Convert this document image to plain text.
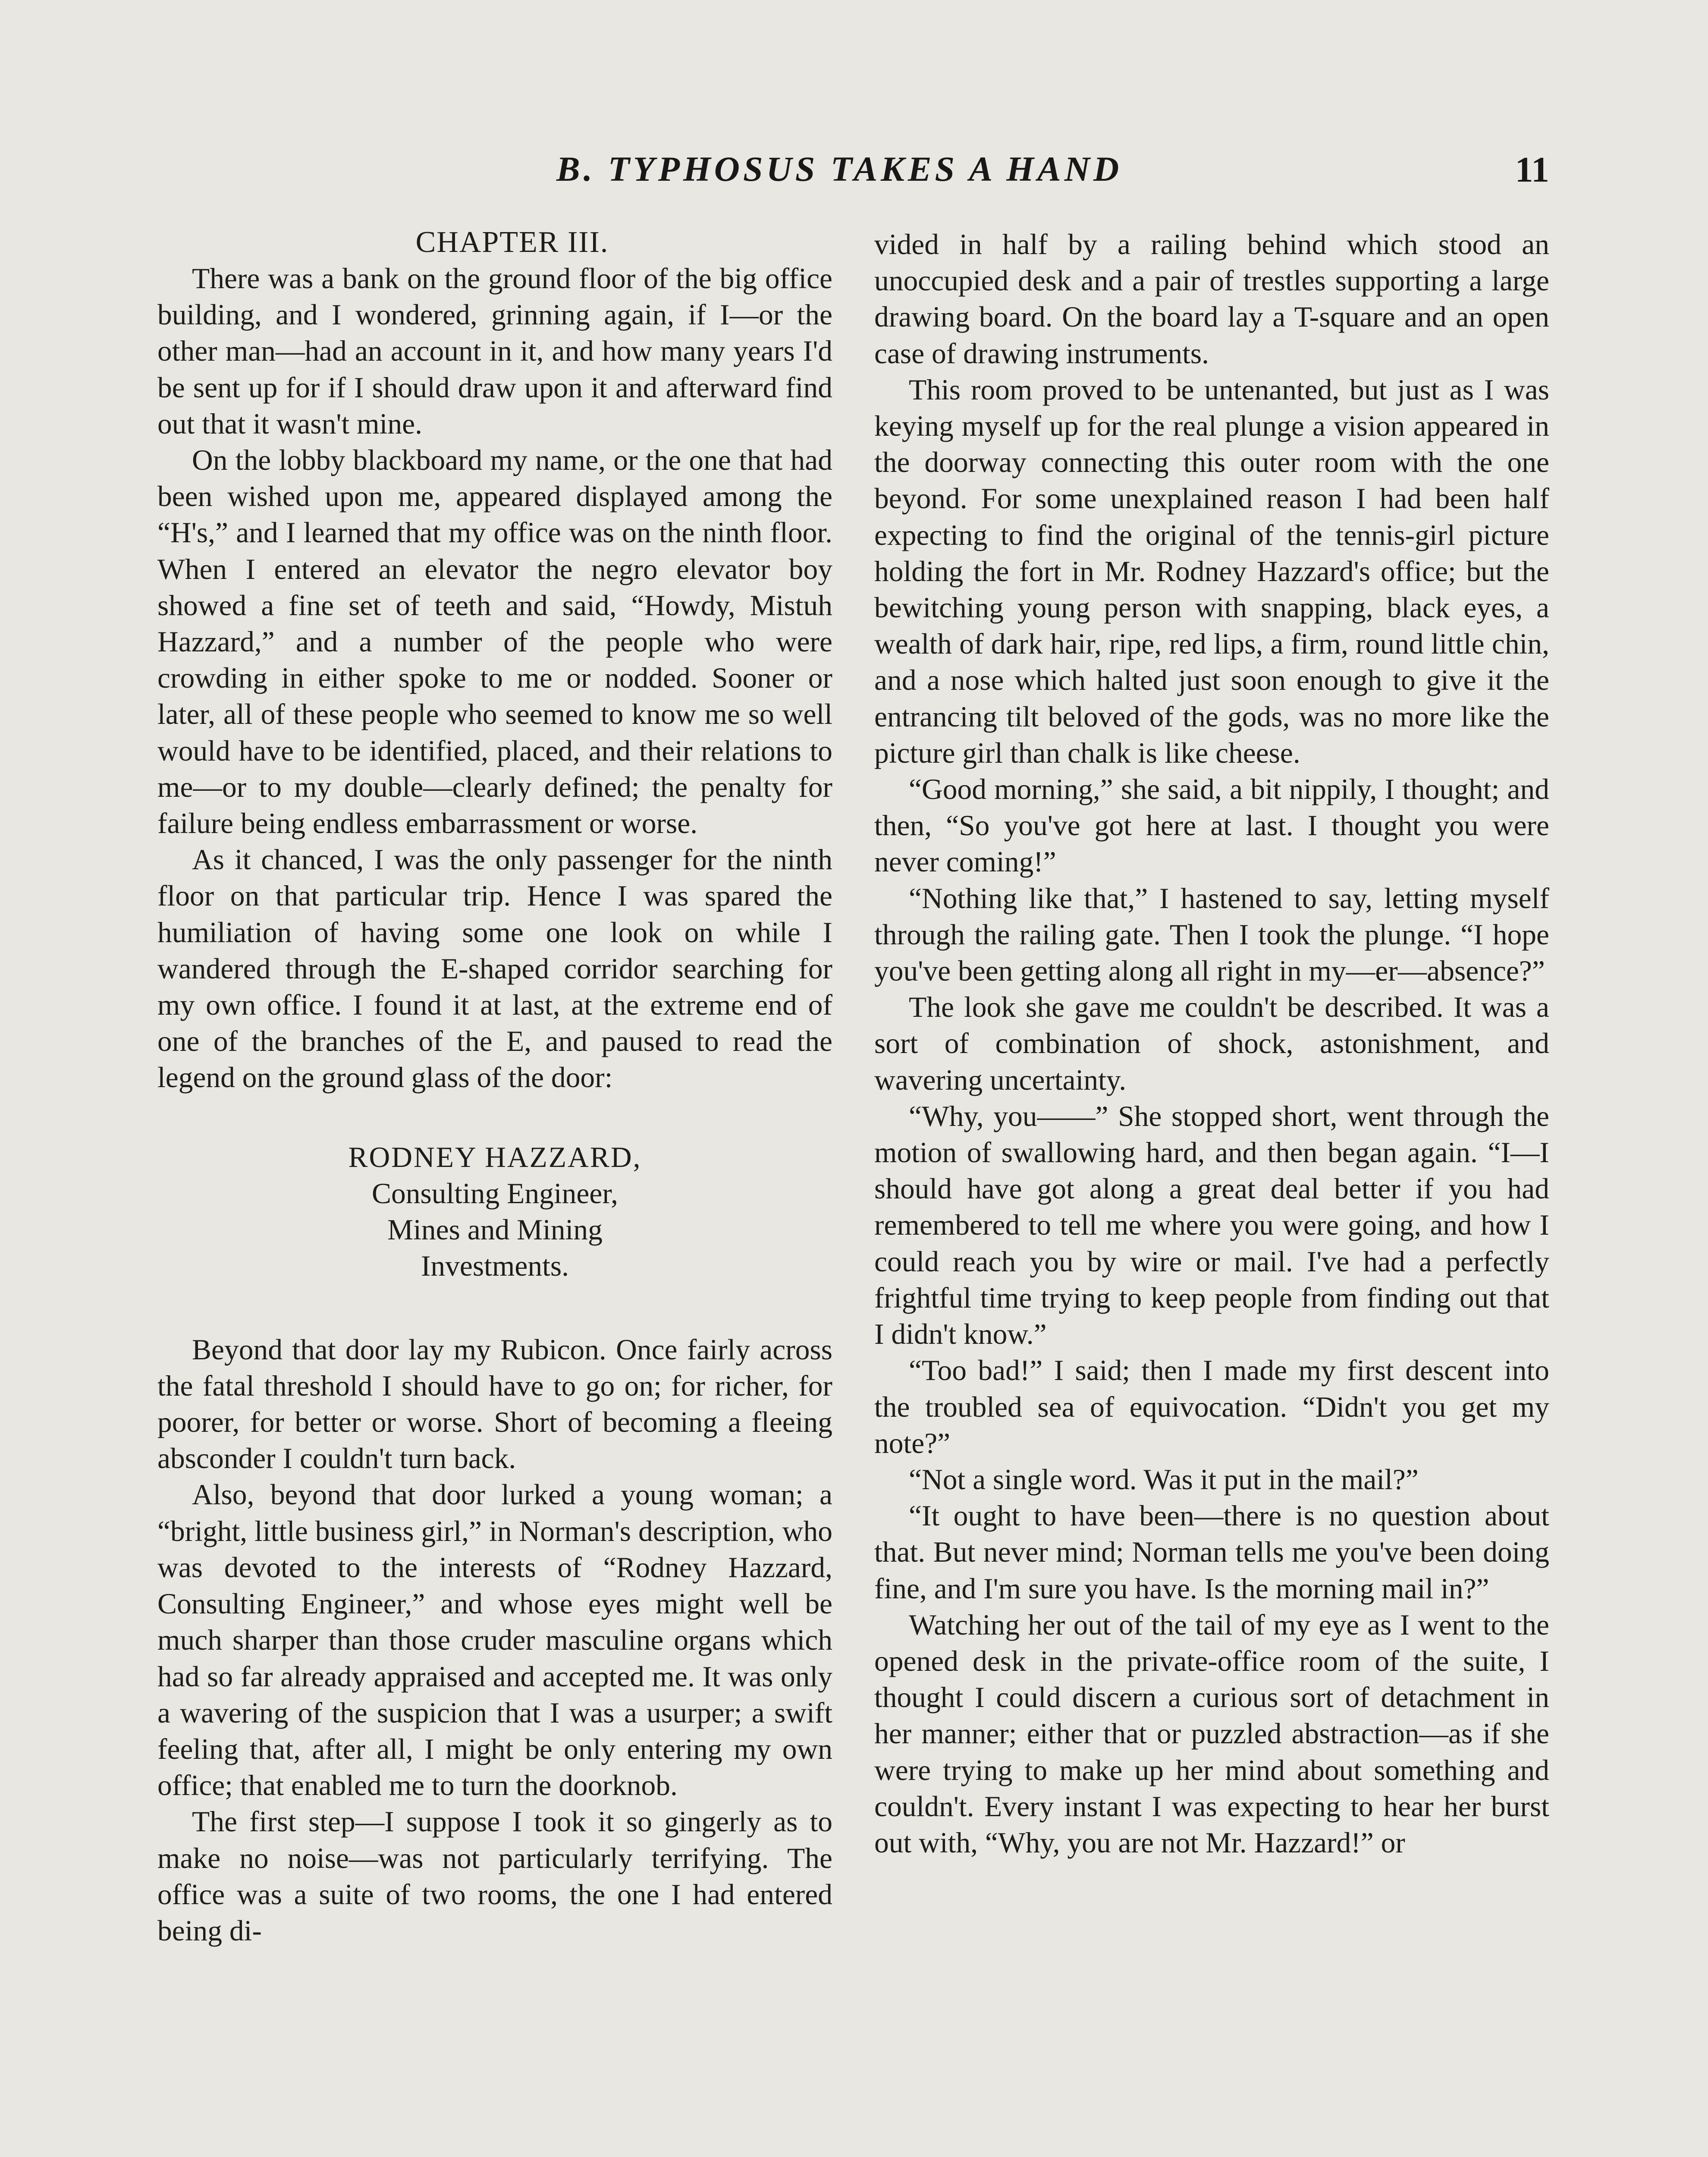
B. TYPHOSUS TAKES A HAND	11

CHAPTER III.

There was a bank on the ground floor of the big office building, and I wondered, grinning again, if I—or the other man—had an account in it, and how many years I'd be sent up for if I should draw upon it and afterward find out that it wasn't mine.

On the lobby blackboard my name, or the one that had been wished upon me, appeared displayed among the “H's,” and I learned that my office was on the ninth floor. When I entered an elevator the negro elevator boy showed a fine set of teeth and said, “Howdy, Mistuh Hazzard,” and a number of the people who were crowding in either spoke to me or nodded. Sooner or later, all of these people who seemed to know me so well would have to be identified, placed, and their relations to me—or to my double—clearly defined; the penalty for failure being endless embarrassment or worse.

As it chanced, I was the only passenger for the ninth floor on that particular trip. Hence I was spared the humiliation of having some one look on while I wandered through the E-shaped corridor searching for my own office. I found it at last, at the extreme end of one of the branches of the E, and paused to read the legend on the ground glass of the door:

RODNEY HAZZARD,
Consulting Engineer,
Mines and Mining
Investments.

Beyond that door lay my Rubicon. Once fairly across the fatal threshold I should have to go on; for richer, for poorer, for better or worse. Short of becoming a fleeing absconder I couldn't turn back.

Also, beyond that door lurked a young woman; a “bright, little business girl,” in Norman's description, who was devoted to the interests of “Rodney Hazzard, Consulting Engineer,” and whose eyes might well be much sharper than those cruder masculine organs which had so far already appraised and accepted me. It was only a wavering of the suspicion that I was a usurper; a swift feeling that, after all, I might be only entering my own office; that enabled me to turn the doorknob.

The first step—I suppose I took it so gingerly as to make no noise—was not particularly terrifying. The office was a suite of two rooms, the one I had entered being di-

vided in half by a railing behind which stood an unoccupied desk and a pair of trestles supporting a large drawing board. On the board lay a T-square and an open case of drawing instruments.

This room proved to be untenanted, but just as I was keying myself up for the real plunge a vision appeared in the doorway connecting this outer room with the one beyond. For some unexplained reason I had been half expecting to find the original of the tennis-girl picture holding the fort in Mr. Rodney Hazzard's office; but the bewitching young person with snapping, black eyes, a wealth of dark hair, ripe, red lips, a firm, round little chin, and a nose which halted just soon enough to give it the entrancing tilt beloved of the gods, was no more like the picture girl than chalk is like cheese.

“Good morning,” she said, a bit nippily, I thought; and then, “So you've got here at last. I thought you were never coming!”

“Nothing like that,” I hastened to say, letting myself through the railing gate. Then I took the plunge. “I hope you've been getting along all right in my—er—absence?”

The look she gave me couldn't be described. It was a sort of combination of shock, astonishment, and wavering uncertainty.

“Why, you——” She stopped short, went through the motion of swallowing hard, and then began again. “I—I should have got along a great deal better if you had remembered to tell me where you were going, and how I could reach you by wire or mail. I've had a perfectly frightful time trying to keep people from finding out that I didn't know.”

“Too bad!” I said; then I made my first descent into the troubled sea of equivocation. “Didn't you get my note?”

“Not a single word. Was it put in the mail?”

“It ought to have been—there is no question about that. But never mind; Norman tells me you've been doing fine, and I'm sure you have. Is the morning mail in?”

Watching her out of the tail of my eye as I went to the opened desk in the private-office room of the suite, I thought I could discern a curious sort of detachment in her manner; either that or puzzled abstraction—as if she were trying to make up her mind about something and couldn't. Every instant I was expecting to hear her burst out with, “Why, you are not Mr. Hazzard!” or
